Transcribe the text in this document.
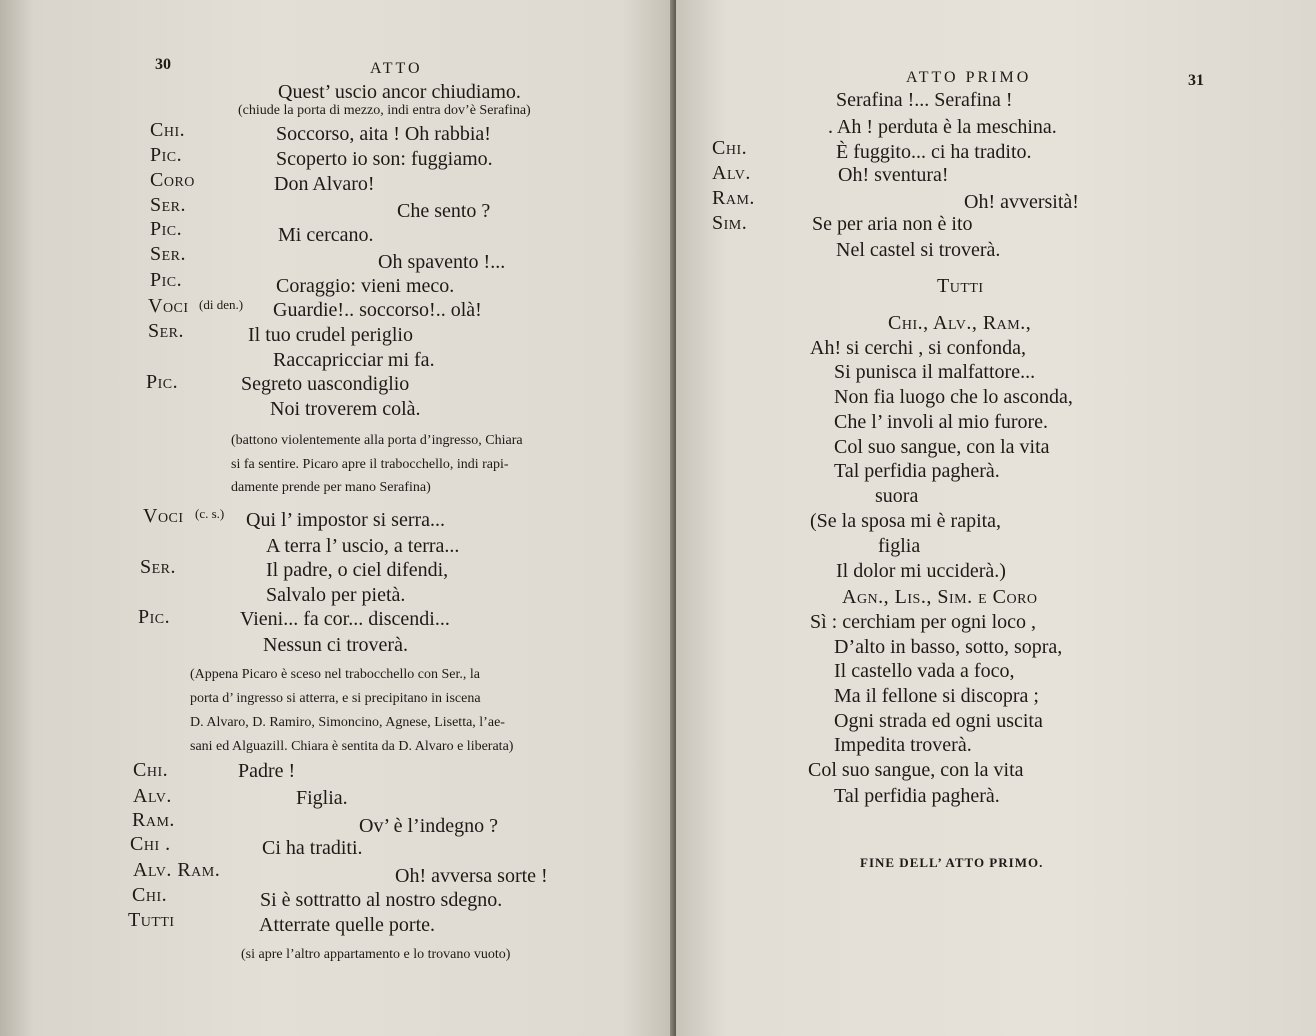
30	ATTO
Quest’ uscio ancor chiudiamo.
(chiude la porta di mezzo, indi entra dov’è Serafina)
Chi.	Soccorso, aita ! Oh rabbia!
Pic.	Scoperto io son: fuggiamo.
Coro	Don Alvaro!
Ser.	Che sento ?
Pic.	Mi cercano.
Ser.	Oh spavento !...
Pic.	Coraggio: vieni meco.
Voci (di den.) Guardie!.. soccorso!.. olà!
Ser.	Il tuo crudel periglio
Raccapricciar mi fa.
Pic.	Segreto uascondiglio
Noi troverem colà.
(battono violentemente alla porta d’ingresso, Chiara
si fa sentire. Picaro apre il trabocchello, indi rapi-
damente prende per mano Serafina)
Voci (c. s.) Qui l’ impostor si serra...
A terra l’ uscio, a terra...
Ser.	Il padre, o ciel difendi,
Salvalo per pietà.
Pic.	Vieni... fa cor... discendi...
Nessun ci troverà.
(Appena Picaro è sceso nel trabocchello con Ser., la
porta d’ ingresso si atterra, e si precipitano in iscena
D. Alvaro, D. Ramiro, Simoncino, Agnese, Lisetta, l’ae-
sani ed Alguazill. Chiara è sentita da D. Alvaro e liberata)
Chi.	Padre !
Alv.	Figlia.
Ram.	Ov’ è l’indegno ?
Chi .	Ci ha traditi.
Alv. Ram.	Oh! avversa sorte !
Chi.	Si è sottratto al nostro sdegno.
Tutti	Atterrate quelle porte.
(si apre l’altro appartamento e lo trovano vuoto)
ATTO PRIMO	31
Serafina !... Serafina !
. Ah ! perduta è la meschina.
Chi.	È fuggito... ci ha tradito.
Alv.	Oh! sventura!
Ram.	Oh! avversità!
Sim.	Se per aria non è ito
Nel castel si troverà.
Tutti
Chi., Alv., Ram.,
Ah! si cerchi , si confonda,
Si punisca il malfattore...
Non fia luogo che lo asconda,
Che l’ involi al mio furore.
Col suo sangue, con la vita
Tal perfidia pagherà.
suora
(Se la sposa mi è rapita,
figlia
Il dolor mi ucciderà.)
Agn., Lis., Sim. e Coro
Sì : cerchiam per ogni loco ,
D’alto in basso, sotto, sopra,
Il castello vada a foco,
Ma il fellone si discopra ;
Ogni strada ed ogni uscita
Impedita troverà.
Col suo sangue, con la vita
Tal perfidia pagherà.
FINE DELL’ ATTO PRIMO.
